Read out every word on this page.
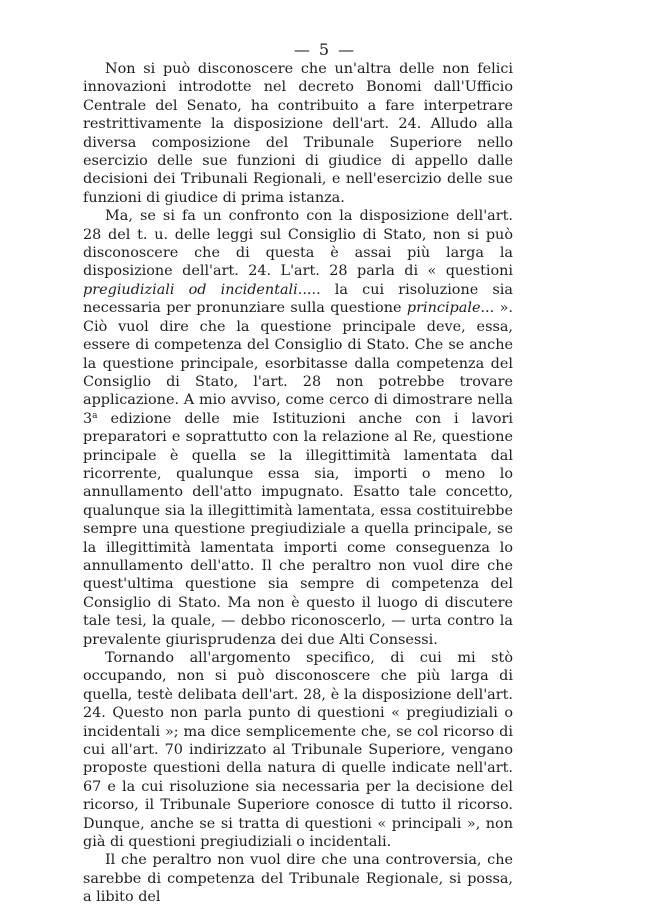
— 5 —

Non si può disconoscere che un'altra delle non felici innovazioni introdotte nel decreto Bonomi dall'Ufficio Centrale del Senato, ha contribuito a fare interpetrare restrittivamente la disposizione dell'art. 24. Alludo alla diversa composizione del Tribunale Superiore nello esercizio delle sue funzioni di giudice di appello dalle decisioni dei Tribunali Regionali, e nell'esercizio delle sue funzioni di giudice di prima istanza.

Ma, se si fa un confronto con la disposizione dell'art. 28 del t. u. delle leggi sul Consiglio di Stato, non si può disconoscere che di questa è assai più larga la disposizione dell'art. 24. L'art. 28 parla di « questioni pregiudiziali od incidentali..... la cui risoluzione sia necessaria per pronunziare sulla questione principale... ». Ciò vuol dire che la questione principale deve, essa, essere di competenza del Consiglio di Stato. Che se anche la questione principale, esorbitasse dalla competenza del Consiglio di Stato, l'art. 28 non potrebbe trovare applicazione. A mio avviso, come cerco di dimostrare nella 3$^a$ edizione delle mie Istituzioni anche con i lavori preparatori e soprattutto con la relazione al Re, questione principale è quella se la illegittimità lamentata dal ricorrente, qualunque essa sia, importi o meno lo annullamento dell'atto impugnato. Esatto tale concetto, qualunque sia la illegittimità lamentata, essa costituirebbe sempre una questione pregiudiziale a quella principale, se la illegittimità lamentata importi come conseguenza lo annullamento dell'atto. Il che peraltro non vuol dire che quest'ultima questione sia sempre di competenza del Consiglio di Stato. Ma non è questo il luogo di discutere tale tesi, la quale, — debbo riconoscerlo, — urta contro la prevalente giurisprudenza dei due Alti Consessi.

Tornando all'argomento specifico, di cui mi stò occupando, non si può disconoscere che più larga di quella, testè delibata dell'art. 28, è la disposizione dell'art. 24. Questo non parla punto di questioni « pregiudiziali o incidentali »; ma dice semplicemente che, se col ricorso di cui all'art. 70 indirizzato al Tribunale Superiore, vengano proposte questioni della natura di quelle indicate nell'art. 67 e la cui risoluzione sia necessaria per la decisione del ricorso, il Tribunale Superiore conosce di tutto il ricorso. Dunque, anche se si tratta di questioni « principali », non già di questioni pregiudiziali o incidentali.

Il che peraltro non vuol dire che una controversia, che sarebbe di competenza del Tribunale Regionale, si possa, a libito del
